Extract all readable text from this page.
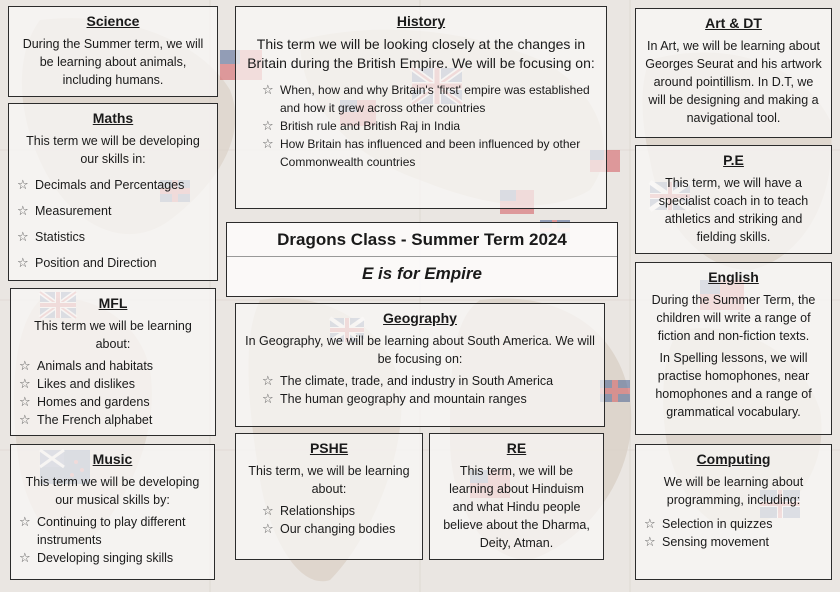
Science

During the Summer term, we will be learning about animals, including humans.

Maths

This term we will be developing our skills in:

☆ Decimals and Percentages
☆ Measurement
☆ Statistics
☆ Position and Direction
MFL

This term we will be learning about:

☆ Animals and habitats
☆ Likes and dislikes
☆ Homes and gardens
☆ The French alphabet
Music

This term we will be developing our musical skills by:

☆ Continuing to play different instruments
☆ Developing singing skills
History

This term we will be looking closely at the changes in Britain during the British Empire. We will be focusing on:

☆ When, how and why Britain's 'first' empire was established and how it grew across other countries
☆ British rule and British Raj in India
☆ How Britain has influenced and been influenced by other Commonwealth countries
Dragons Class - Summer Term 2024
E is for Empire
Geography

In Geography, we will be learning about South America. We will be focusing on:

☆ The climate, trade, and industry in South America
☆ The human geography and mountain ranges
PSHE

This term, we will be learning about:

☆ Relationships
☆ Our changing bodies
RE

This term, we will be learning about Hinduism and what Hindu people believe about the Dharma, Deity, Atman.

Art & DT

In Art, we will be learning about Georges Seurat and his artwork around pointillism. In D.T, we will be designing and making a navigational tool.

P.E

This term, we will have a specialist coach in to teach athletics and striking and fielding skills.

English

During the Summer Term, the children will write a range of fiction and non-fiction texts.

In Spelling lessons, we will practise homophones, near homophones and a range of grammatical vocabulary.

Computing

We will be learning about programming, including:

☆ Selection in quizzes
☆ Sensing movement
